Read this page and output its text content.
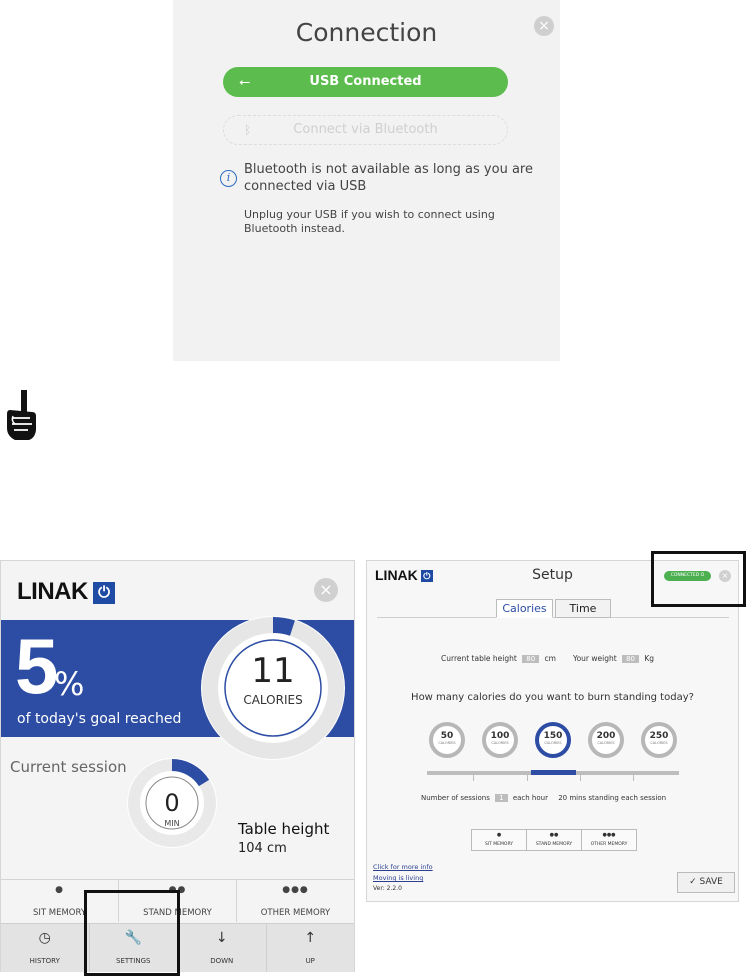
Connection	×
⭠	USB Connected
ᛒ	Connect via Bluetooth
i
Bluetooth is not available as long as you are connected via USB
Unplug your USB if you wish to connect using Bluetooth instead.
LINAK ⏻	×
5
%
of today's goal reached
11
CALORIES
Current session
0
MIN	Table height
104 cm
●
SIT MEMORY
●●
STAND MEMORY
●●●
OTHER MEMORY
◷
HISTORY
🔧
SETTINGS
↓
DOWN
↑
UP
LINAK ⏻	Setup	CONNECTED ⭘	×
Calories	Time
Current table height 80 cm Your weight 80 Kg
How many calories do you want to burn standing today?
50
CALORIES
100
CALORIES
150
CALORIES
200
CALORIES
250
CALORIES
Number of sessions 1 each hour 20 mins standing each session
●
SIT MEMORY
●●
STAND MEMORY
●●●
OTHER MEMORY
Click for more info
Moving is living
Ver: 2.2.0
✓ SAVE
